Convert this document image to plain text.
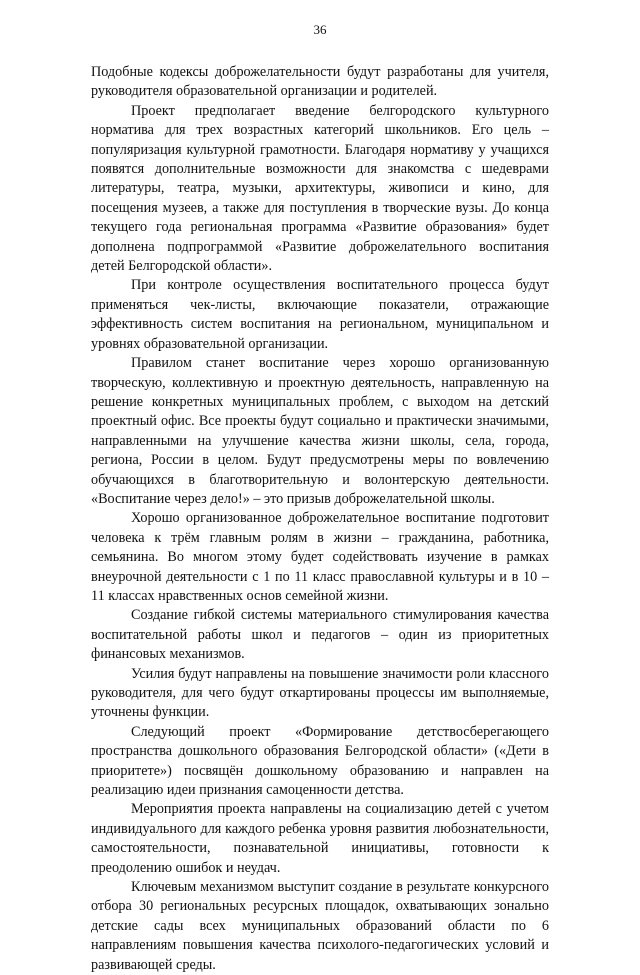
36

Подобные кодексы доброжелательности будут разработаны для учителя, руководителя образовательной организации и родителей.

Проект предполагает введение белгородского культурного норматива для трех возрастных категорий школьников. Его цель – популяризация культурной грамотности. Благодаря нормативу у учащихся появятся дополнительные возможности для знакомства с шедеврами литературы, театра, музыки, архитектуры, живописи и кино, для посещения музеев, а также для поступления в творческие вузы. До конца текущего года региональная программа «Развитие образования» будет дополнена подпрограммой «Развитие доброжелательного воспитания детей Белгородской области».

При контроле осуществления воспитательного процесса будут применяться чек-листы, включающие показатели, отражающие эффективность систем воспитания на региональном, муниципальном и уровнях образовательной организации.

Правилом станет воспитание через хорошо организованную творческую, коллективную и проектную деятельность, направленную на решение конкретных муниципальных проблем, с выходом на детский проектный офис. Все проекты будут социально и практически значимыми, направленными на улучшение качества жизни школы, села, города, региона, России в целом. Будут предусмотрены меры по вовлечению обучающихся в благотворительную и волонтерскую деятельности. «Воспитание через дело!» – это призыв доброжелательной школы.

Хорошо организованное доброжелательное воспитание подготовит человека к трём главным ролям в жизни – гражданина, работника, семьянина. Во многом этому будет содействовать изучение в рамках внеурочной деятельности с 1 по 11 класс православной культуры и в 10 – 11 классах нравственных основ семейной жизни.

Создание гибкой системы материального стимулирования качества воспитательной работы школ и педагогов – один из приоритетных финансовых механизмов.

Усилия будут направлены на повышение значимости роли классного руководителя, для чего будут откартированы процессы им выполняемые, уточнены функции.

Следующий проект «Формирование детствосберегающего пространства дошкольного образования Белгородской области» («Дети в приоритете») посвящён дошкольному образованию и направлен на реализацию идеи признания самоценности детства.

Мероприятия проекта направлены на социализацию детей с учетом индивидуального для каждого ребенка уровня развития любознательности, самостоятельности, познавательной инициативы, готовности к преодолению ошибок и неудач.

Ключевым механизмом выступит создание в результате конкурсного отбора 30 региональных ресурсных площадок, охватывающих зонально детские сады всех муниципальных образований области по 6 направлениям повышения качества психолого-педагогических условий и развивающей среды.
